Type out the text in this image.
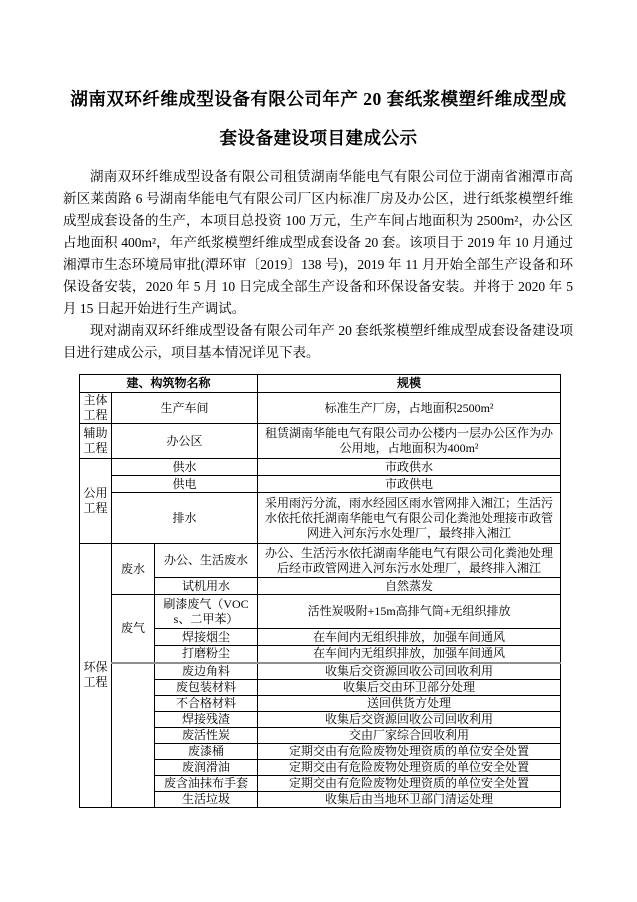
湖南双环纤维成型设备有限公司年产 20 套纸浆模塑纤维成型成
套设备建设项目建成公示

湖南双环纤维成型设备有限公司租赁湖南华能电气有限公司位于湖南省湘潭市高新区莱茵路 6 号湖南华能电气有限公司厂区内标准厂房及办公区，进行纸浆模塑纤维成型成套设备的生产，本项目总投资 100 万元，生产车间占地面积为 2500m²，办公区占地面积 400m²，年产纸浆模塑纤维成型成套设备 20 套。该项目于 2019 年 10 月通过湘潭市生态环境局审批(潭环审〔2019〕138 号)，2019 年 11 月开始全部生产设备和环保设备安装，2020 年 5 月 10 日完成全部生产设备和环保设备安装。并将于 2020 年 5 月 15 日起开始进行生产调试。

现对湖南双环纤维成型设备有限公司年产 20 套纸浆模塑纤维成型成套设备建设项目进行建成公示，项目基本情况详见下表。

建、构筑物名称			规模
主体工程	生产车间		标准生产厂房，占地面积2500m²
辅助工程	办公区		租赁湖南华能电气有限公司办公楼内一层办公区作为办公用地，占地面积为400m²
公用工程	供水		市政供水
	供电		市政供电
	排水		采用雨污分流，雨水经园区雨水管网排入湘江；生活污水依托依托湖南华能电气有限公司化粪池处理接市政管网进入河东污水处理厂，最终排入湘江
环保工程	废水	办公、生活废水	办公、生活污水依托湖南华能电气有限公司化粪池处理后经市政管网进入河东污水处理厂，最终排入湘江
		试机用水	自然蒸发
	废气	刷漆废气（VOCs、二甲苯）	活性炭吸附+15m高排气筒+无组织排放
		焊接烟尘	在车间内无组织排放，加强车间通风
		打磨粉尘	在车间内无组织排放，加强车间通风
		废边角料	收集后交资源回收公司回收利用
		废包装材料	收集后交由环卫部分处理
		不合格材料	送回供货方处理
		焊接残渣	收集后交资源回收公司回收利用
		废活性炭	交由厂家综合回收利用
		废漆桶	定期交由有危险废物处理资质的单位安全处置
		废润滑油	定期交由有危险废物处理资质的单位安全处置
		废含油抹布手套	定期交由有危险废物处理资质的单位安全处置
		生活垃圾	收集后由当地环卫部门清运处理
